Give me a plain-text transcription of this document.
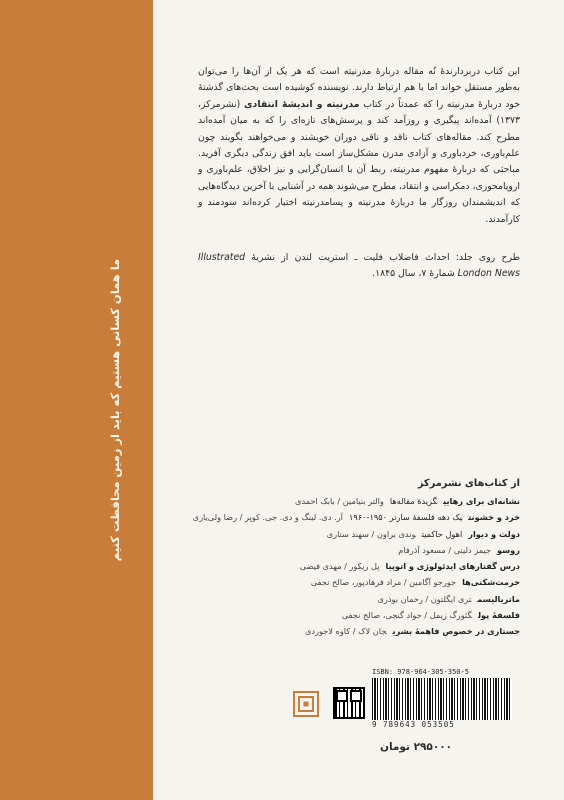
ما همان کسانی هستیم که باید از زمین محافظت کنیم

این کتاب دربردارندهٔ نُه مقاله دربارهٔ مدرنیته است که هر یک از آن‌ها را می‌توان به‌طور مستقل خواند اما با هم ارتباط دارند. نویسنده کوشیده است بحث‌های گذشتهٔ خود دربارهٔ مدرنیته را که عمدتاً در کتاب مدرنیته و اندیشهٔ انتقادی (نشرمرکز، ۱۳۷۳) آمده‌اند پیگیری و روزآمد کند و پرسش‌های تازه‌ای را که به میان آمده‌اند مطرح کند. مقاله‌های کتاب ناقد و ناقی دوران خویشند و می‌خواهند بگویند چون علم‌باوری، خردباوری و آزادی مدرن مشکل‌ساز است باید افق زندگی دیگری آفرید. مباحثی که دربارهٔ مفهوم مدرنیته، ربط آن با انسان‌گرایی و نیز اخلاق، علم‌باوری و اروپامحوری، دمکراسی و انتقاد، مطرح می‌شوند همه در آشنایی با آخرین دیدگاه‌هایی که اندیشمندان روزگار ما دربارهٔ مدرنیته و پسامدرنیته اختیار کرده‌اند سودمند و کارآمدند.

طرح روی جلد: احداث فاضلاب فلیت ـ استریت لندن از نشریهٔ Illustrated London News شمارهٔ ۷، سال ۱۸۴۵.

از کتاب‌های نشرمرکز

نشانه‌ای برای رهاییگزیدهٔ مقاله‌هاوالتر بنیامین / بابک احمدی
خرد و خشونتیک دهه فلسفهٔ سارتر ۱۹۵۰-۱۹۶۰آر. دی. لینگ و دی. جی. کوپر / رضا ولی‌یاری
دولت و دیواراهول حاکمیتوندی براون / سهند ستاری
روسوجیمز دلینی / مسعود آذرفام
درس گفتارهای ایدئولوژی و اتوپیاپل ریکور / مهدی فیضی
حرمت‌شکنی‌هاجورجو آگامبن / مراد فرهادپور، صالح نجفی
ماتریالیسمتری ایگلتون / رحمان بوذری
فلسفهٔ پولگئورگ زیمل / جواد گنجی، صالح نجفی
جستاری در خصوص فاهمهٔ بشریجان لاک / کاوه لاجوردی
ISBN: 978-964-305-350-5
9 789643 053505
۲۹۵۰۰۰ تومان
